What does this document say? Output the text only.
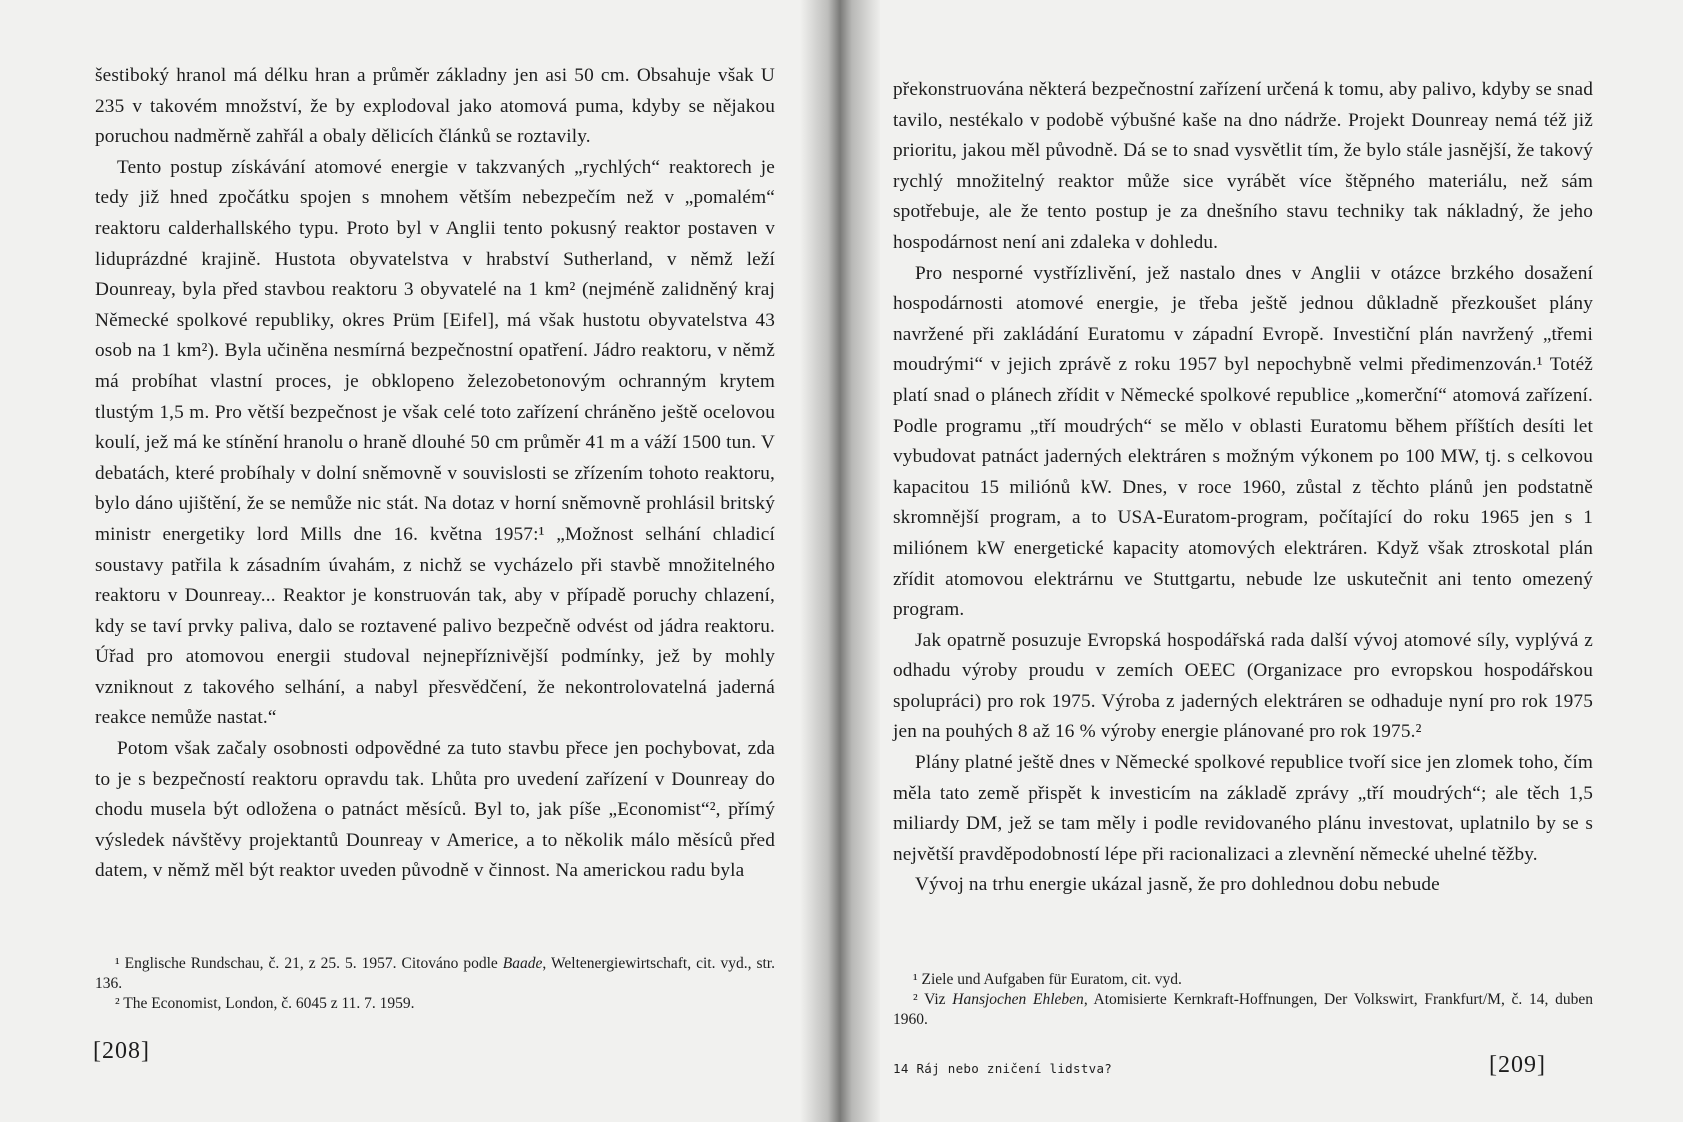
šestiboký hranol má délku hran a průměr základny jen asi 50 cm. Obsahuje však U 235 v takovém množství, že by explodoval jako atomová puma, kdyby se nějakou poruchou nadměrně zahřál a obaly dělicích článků se roztavily.

Tento postup získávání atomové energie v takzvaných „rychlých“ reaktorech je tedy již hned zpočátku spojen s mnohem větším nebezpečím než v „pomalém“ reaktoru calderhallského typu. Proto byl v Anglii tento pokusný reaktor postaven v liduprázdné krajině. Hustota obyvatelstva v hrabství Sutherland, v němž leží Dounreay, byla před stavbou reaktoru 3 obyvatelé na 1 km² (nejméně zalidněný kraj Německé spolkové republiky, okres Prüm [Eifel], má však hustotu obyvatelstva 43 osob na 1 km²). Byla učiněna nesmírná bezpečnostní opatření. Jádro reaktoru, v němž má probíhat vlastní proces, je obklopeno železobetonovým ochranným krytem tlustým 1,5 m. Pro větší bezpečnost je však celé toto zařízení chráněno ještě ocelovou koulí, jež má ke stínění hranolu o hraně dlouhé 50 cm průměr 41 m a váží 1500 tun. V debatách, které probíhaly v dolní sněmovně v souvislosti se zřízením tohoto reaktoru, bylo dáno ujištění, že se nemůže nic stát. Na dotaz v horní sněmovně prohlásil britský ministr energetiky lord Mills dne 16. května 1957:¹ „Možnost selhání chladicí soustavy patřila k zásadním úvahám, z nichž se vycházelo při stavbě množitelného reaktoru v Dounreay... Reaktor je konstruován tak, aby v případě poruchy chlazení, kdy se taví prvky paliva, dalo se roztavené palivo bezpečně odvést od jádra reaktoru. Úřad pro atomovou energii studoval nejnepříznivější podmínky, jež by mohly vzniknout z takového selhání, a nabyl přesvědčení, že nekontrolovatelná jaderná reakce nemůže nastat.“

Potom však začaly osobnosti odpovědné za tuto stavbu přece jen pochybovat, zda to je s bezpečností reaktoru opravdu tak. Lhůta pro uvedení zařízení v Dounreay do chodu musela být odložena o patnáct měsíců. Byl to, jak píše „Economist“², přímý výsledek návštěvy projektantů Dounreay v Americe, a to několik málo měsíců před datem, v němž měl být reaktor uveden původně v činnost. Na americkou radu byla

¹ Englische Rundschau, č. 21, z 25. 5. 1957. Citováno podle Baade, Weltenergiewirtschaft, cit. vyd., str. 136.

² The Economist, London, č. 6045 z 11. 7. 1959.

[208]

překonstruována některá bezpečnostní zařízení určená k tomu, aby palivo, kdyby se snad tavilo, nestékalo v podobě výbušné kaše na dno nádrže. Projekt Dounreay nemá též již prioritu, jakou měl původně. Dá se to snad vysvětlit tím, že bylo stále jasnější, že takový rychlý množitelný reaktor může sice vyrábět více štěpného materiálu, než sám spotřebuje, ale že tento postup je za dnešního stavu techniky tak nákladný, že jeho hospodárnost není ani zdaleka v dohledu.

Pro nesporné vystřízlivění, jež nastalo dnes v Anglii v otázce brzkého dosažení hospodárnosti atomové energie, je třeba ještě jednou důkladně přezkoušet plány navržené při zakládání Euratomu v západní Evropě. Investiční plán navržený „třemi moudrými“ v jejich zprávě z roku 1957 byl nepochybně velmi předimenzován.¹ Totéž platí snad o plánech zřídit v Německé spolkové republice „komerční“ atomová zařízení. Podle programu „tří moudrých“ se mělo v oblasti Euratomu během příštích desíti let vybudovat patnáct jaderných elektráren s možným výkonem po 100 MW, tj. s celkovou kapacitou 15 miliónů kW. Dnes, v roce 1960, zůstal z těchto plánů jen podstatně skromnější program, a to USA-Euratom-program, počítající do roku 1965 jen s 1 miliónem kW energetické kapacity atomových elektráren. Když však ztroskotal plán zřídit atomovou elektrárnu ve Stuttgartu, nebude lze uskutečnit ani tento omezený program.

Jak opatrně posuzuje Evropská hospodářská rada další vývoj atomové síly, vyplývá z odhadu výroby proudu v zemích OEEC (Organizace pro evropskou hospodářskou spolupráci) pro rok 1975. Výroba z jaderných elektráren se odhaduje nyní pro rok 1975 jen na pouhých 8 až 16 % výroby energie plánované pro rok 1975.²

Plány platné ještě dnes v Německé spolkové republice tvoří sice jen zlomek toho, čím měla tato země přispět k investicím na základě zprávy „tří moudrých“; ale těch 1,5 miliardy DM, jež se tam měly i podle revidovaného plánu investovat, uplatnilo by se s největší pravděpodobností lépe při racionalizaci a zlevnění německé uhelné těžby.

Vývoj na trhu energie ukázal jasně, že pro dohlednou dobu nebude

¹ Ziele und Aufgaben für Euratom, cit. vyd.

² Viz Hansjochen Ehleben, Atomisierte Kernkraft-Hoffnungen, Der Volkswirt, Frankfurt/M, č. 14, duben 1960.

14 Ráj nebo zničení lidstva?	[209]
